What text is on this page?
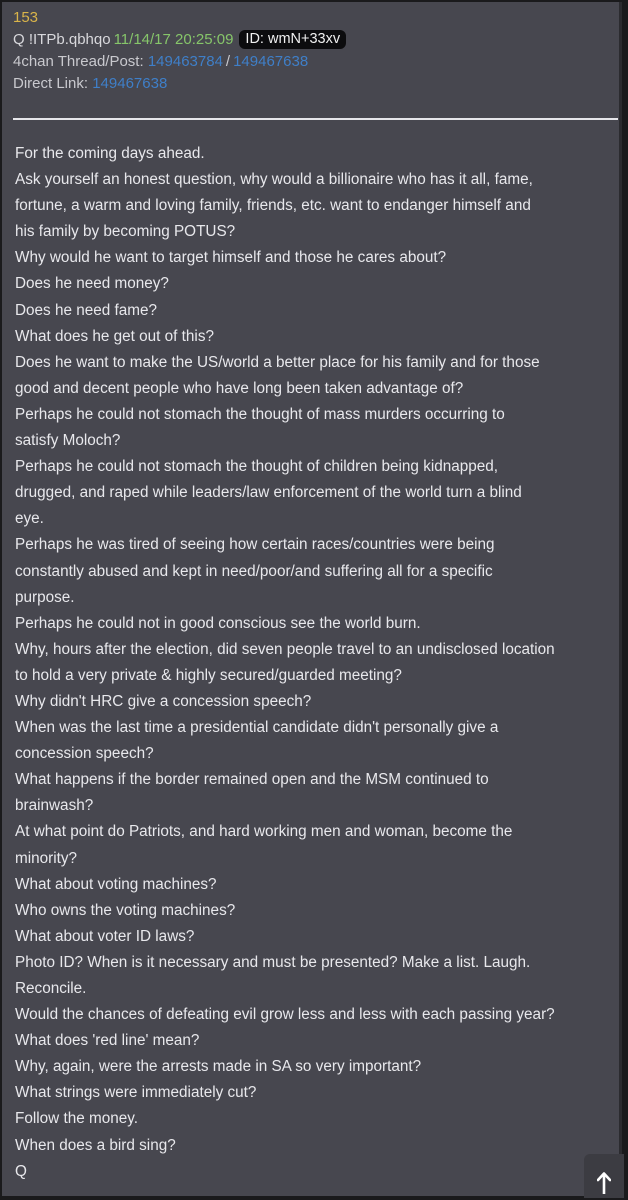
153
Q !ITPb.qbhqo 11/14/17 20:25:09 ID: wmN+33xv
4chan Thread/Post: 149463784 / 149467638
Direct Link: 149467638
For the coming days ahead.
Ask yourself an honest question, why would a billionaire who has it all, fame,
fortune, a warm and loving family, friends, etc. want to endanger himself and
his family by becoming POTUS?
Why would he want to target himself and those he cares about?
Does he need money?
Does he need fame?
What does he get out of this?
Does he want to make the US/world a better place for his family and for those
good and decent people who have long been taken advantage of?
Perhaps he could not stomach the thought of mass murders occurring to
satisfy Moloch?
Perhaps he could not stomach the thought of children being kidnapped,
drugged, and raped while leaders/law enforcement of the world turn a blind
eye.
Perhaps he was tired of seeing how certain races/countries were being
constantly abused and kept in need/poor/and suffering all for a specific
purpose.
Perhaps he could not in good conscious see the world burn.
Why, hours after the election, did seven people travel to an undisclosed location
to hold a very private & highly secured/guarded meeting?
Why didn't HRC give a concession speech?
When was the last time a presidential candidate didn't personally give a
concession speech?
What happens if the border remained open and the MSM continued to
brainwash?
At what point do Patriots, and hard working men and woman, become the
minority?
What about voting machines?
Who owns the voting machines?
What about voter ID laws?
Photo ID? When is it necessary and must be presented? Make a list. Laugh.
Reconcile.
Would the chances of defeating evil grow less and less with each passing year?
What does 'red line' mean?
Why, again, were the arrests made in SA so very important?
What strings were immediately cut?
Follow the money.
When does a bird sing?
Q
